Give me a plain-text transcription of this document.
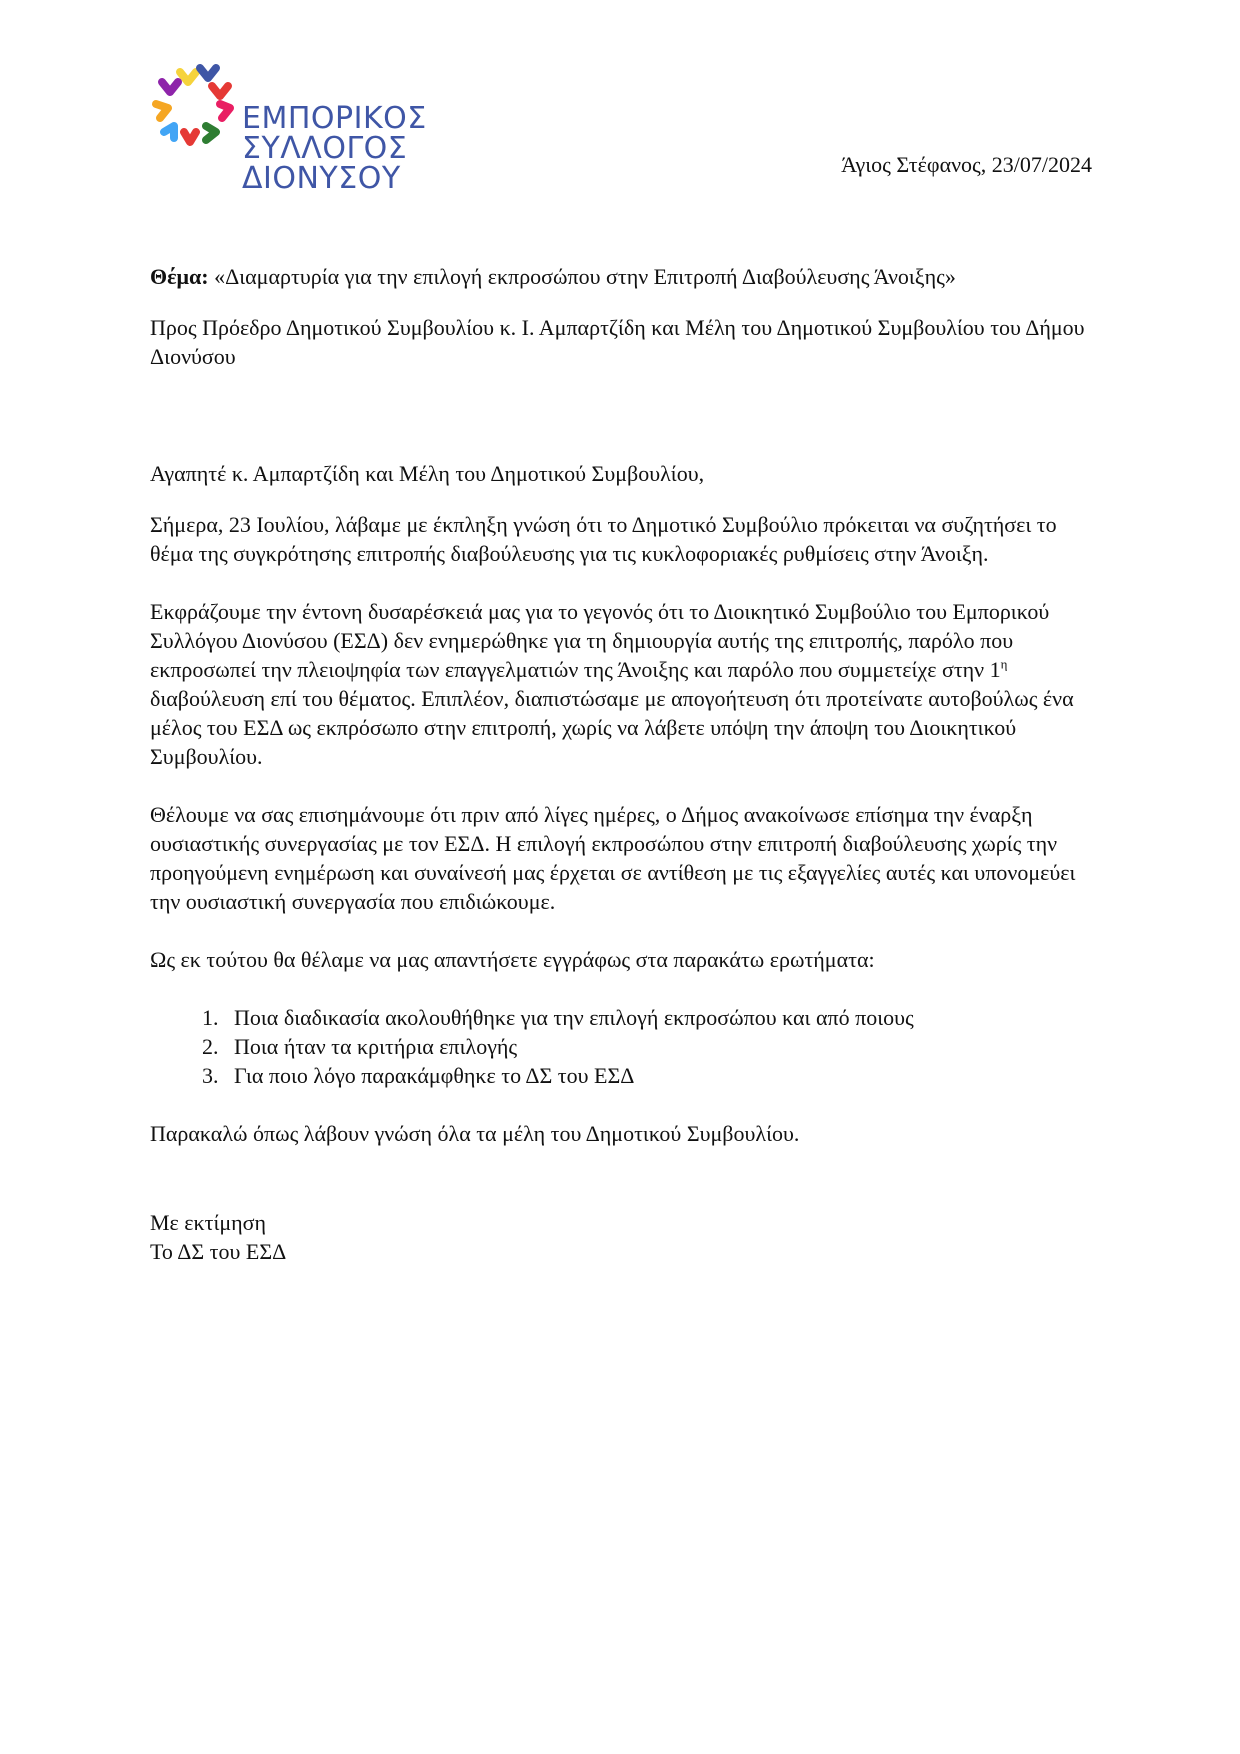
ΕΜΠΟΡΙΚΟΣ
ΣΥΛΛΟΓΟΣ
ΔΙΟΝΥΣΟΥ	Άγιος Στέφανος, 23/07/2024

Θέμα: «Διαμαρτυρία για την επιλογή εκπροσώπου στην Επιτροπή Διαβούλευσης Άνοιξης»

Προς Πρόεδρο Δημοτικού Συμβουλίου κ. Ι. Αμπαρτζίδη και Μέλη του Δημοτικού Συμβουλίου του Δήμου Διονύσου

Αγαπητέ κ. Αμπαρτζίδη και Μέλη του Δημοτικού Συμβουλίου,

Σήμερα, 23 Ιουλίου, λάβαμε με έκπληξη γνώση ότι το Δημοτικό Συμβούλιο πρόκειται να συζητήσει το θέμα της συγκρότησης επιτροπής διαβούλευσης για τις κυκλοφοριακές ρυθμίσεις στην Άνοιξη.

Εκφράζουμε την έντονη δυσαρέσκειά μας για το γεγονός ότι το Διοικητικό Συμβούλιο του Εμπορικού Συλλόγου Διονύσου (ΕΣΔ) δεν ενημερώθηκε για τη δημιουργία αυτής της επιτροπής, παρόλο που εκπροσωπεί την πλειοψηφία των επαγγελματιών της Άνοιξης και παρόλο που συμμετείχε στην $1^\eta$ διαβούλευση επί του θέματος. Επιπλέον, διαπιστώσαμε με απογοήτευση ότι προτείνατε αυτοβούλως ένα μέλος του ΕΣΔ ως εκπρόσωπο στην επιτροπή, χωρίς να λάβετε υπόψη την άποψη του Διοικητικού Συμβουλίου.

Θέλουμε να σας επισημάνουμε ότι πριν από λίγες ημέρες, ο Δήμος ανακοίνωσε επίσημα την έναρξη ουσιαστικής συνεργασίας με τον ΕΣΔ. Η επιλογή εκπροσώπου στην επιτροπή διαβούλευσης χωρίς την προηγούμενη ενημέρωση και συναίνεσή μας έρχεται σε αντίθεση με τις εξαγγελίες αυτές και υπονομεύει την ουσιαστική συνεργασία που επιδιώκουμε.

Ως εκ τούτου θα θέλαμε να μας απαντήσετε εγγράφως στα παρακάτω ερωτήματα:

1. Ποια διαδικασία ακολουθήθηκε για την επιλογή εκπροσώπου και από ποιους
2. Ποια ήταν τα κριτήρια επιλογής
3. Για ποιο λόγο παρακάμφθηκε το ΔΣ του ΕΣΔ

Παρακαλώ όπως λάβουν γνώση όλα τα μέλη του Δημοτικού Συμβουλίου.

Με εκτίμηση

Το ΔΣ του ΕΣΔ
